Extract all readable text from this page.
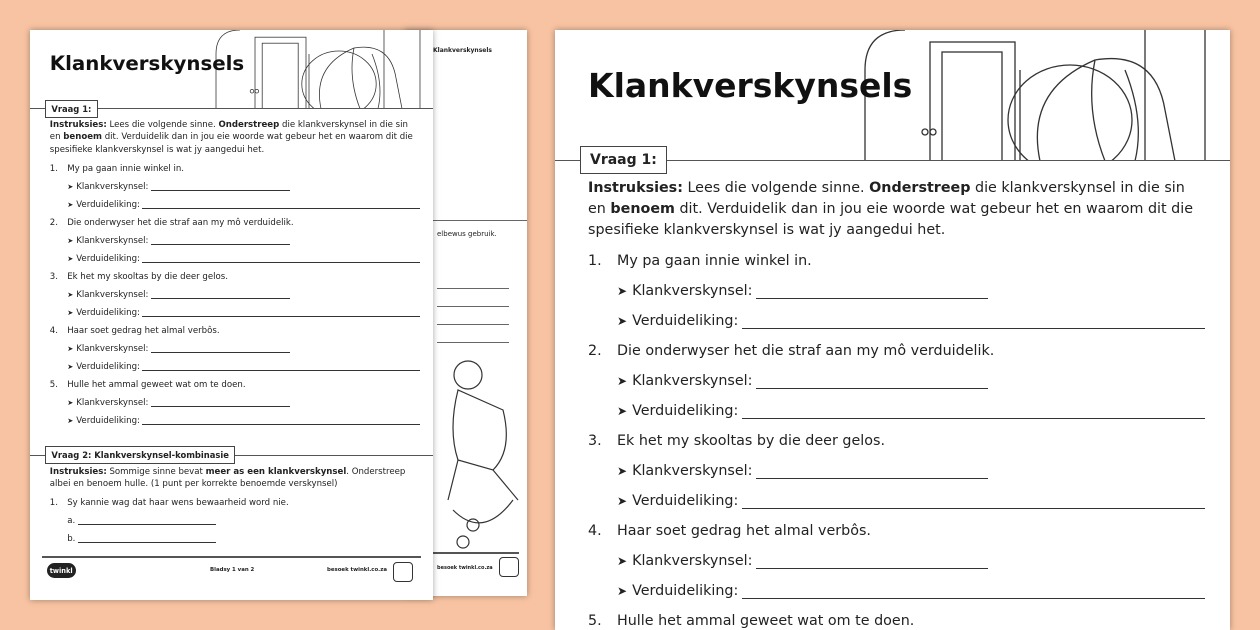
Klankverskynsels
elbewus gebruik.
besoek twinkl.co.za
Klankverskynsels
Vraag 1:
Instruksies: Lees die volgende sinne. Onderstreep die klankverskynsel in die sin en benoem dit. Verduidelik dan in jou eie woorde wat gebeur het en waarom dit die spesifieke klankverskynsel is wat jy aangedui het.
1.	My pa gaan innie winkel in.
➤ Klankverskynsel:
➤ Verduideliking:
2.	Die onderwyser het die straf aan my mô verduidelik.
➤ Klankverskynsel:
➤ Verduideliking:
3.	Ek het my skooltas by die deer gelos.
➤ Klankverskynsel:
➤ Verduideliking:
4.	Haar soet gedrag het almal verbôs.
➤ Klankverskynsel:
➤ Verduideliking:
5.	Hulle het ammal geweet wat om te doen.
➤ Klankverskynsel:
➤ Verduideliking:
Vraag 2: Klankverskynsel-kombinasie
Instruksies: Sommige sinne bevat meer as een klankverskynsel. Onderstreep albei en benoem hulle. (1 punt per korrekte benoemde verskynsel)
1.	Sy kannie wag dat haar wens bewaarheid word nie.
a.
b.
twinkl	Bladsy 1 van 2	besoek twinkl.co.za
Klankverskynsels
Vraag 1:
Instruksies: Lees die volgende sinne. Onderstreep die klankverskynsel in die sin en benoem dit. Verduidelik dan in jou eie woorde wat gebeur het en waarom dit die spesifieke klankverskynsel is wat jy aangedui het.
1.	My pa gaan innie winkel in.
➤ Klankverskynsel:
➤ Verduideliking:
2.	Die onderwyser het die straf aan my mô verduidelik.
➤ Klankverskynsel:
➤ Verduideliking:
3.	Ek het my skooltas by die deer gelos.
➤ Klankverskynsel:
➤ Verduideliking:
4.	Haar soet gedrag het almal verbôs.
➤ Klankverskynsel:
➤ Verduideliking:
5.	Hulle het ammal geweet wat om te doen.
